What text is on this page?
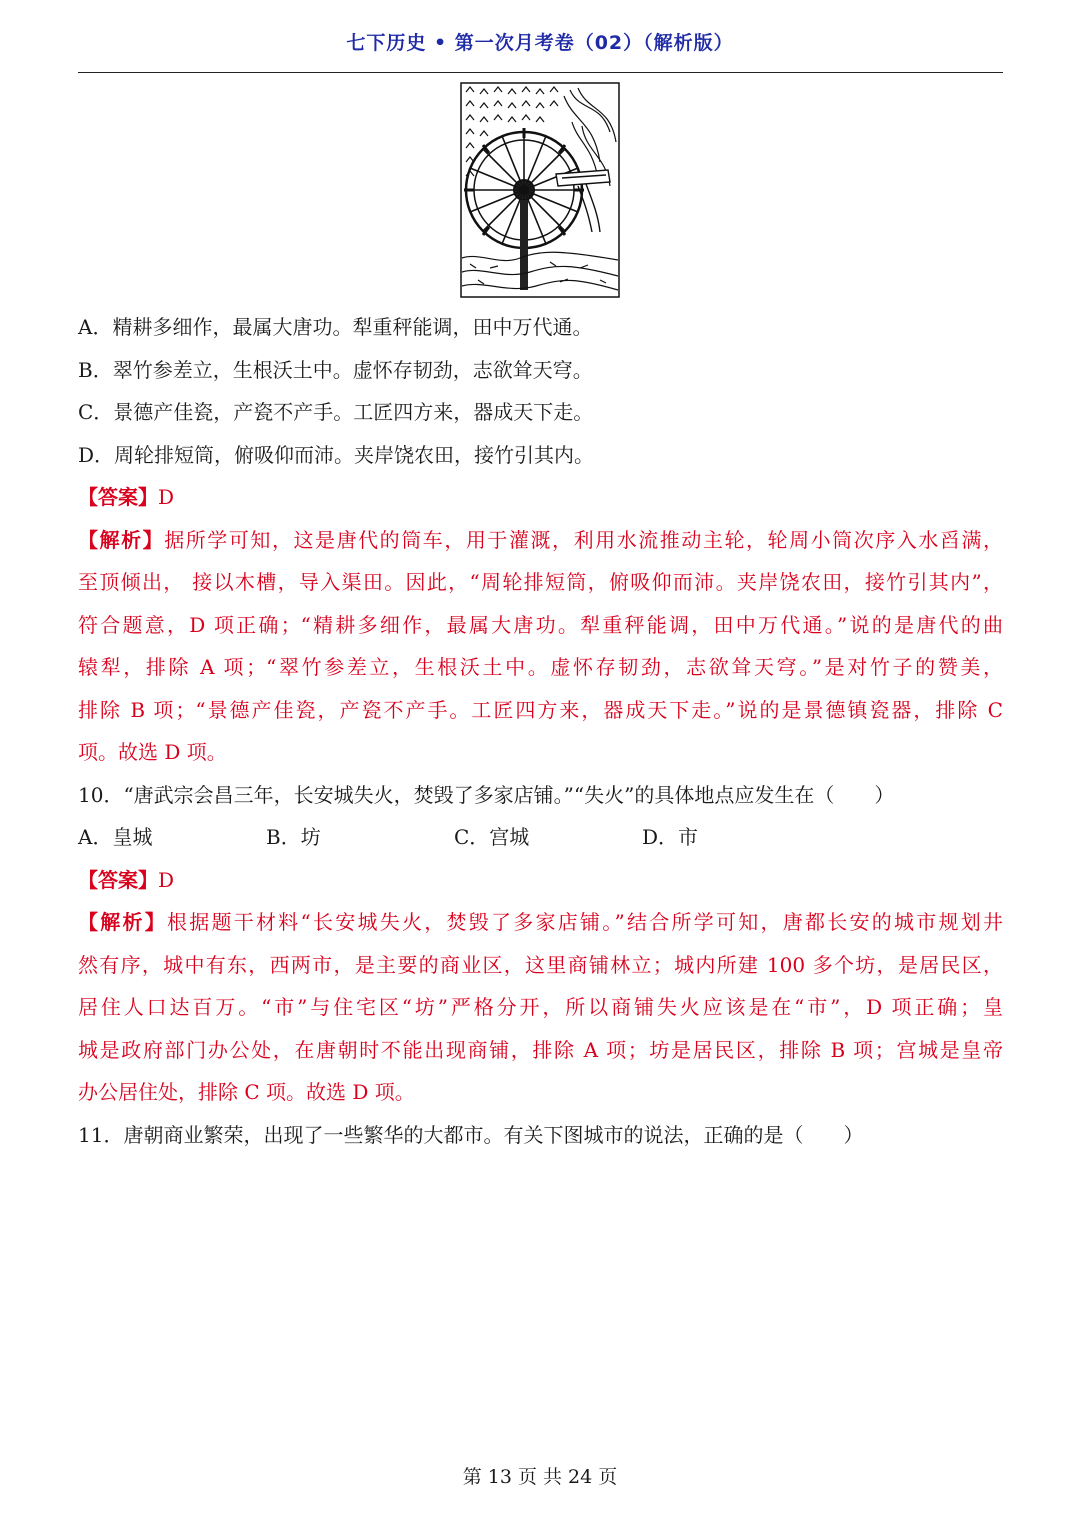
七下历史 • 第一次月考卷（02）（解析版）
A．精耕多细作，最属大唐功。犁重秤能调，田中万代通。
B．翠竹参差立，生根沃土中。虚怀存韧劲，志欲耸天穹。
C．景德产佳瓷，产瓷不产手。工匠四方来，器成天下走。
D．周轮排短筒，俯吸仰而沛。夹岸饶农田，接竹引其内。
【答案】D
【解析】据所学可知，这是唐代的筒车，用于灌溉，利用水流推动主轮，轮周小筒次序入水舀满，
至顶倾出， 接以木槽，导入渠田。因此，“周轮排短筒，俯吸仰而沛。夹岸饶农田，接竹引其内”，
符合题意，D 项正确；“精耕多细作，最属大唐功。犁重秤能调，田中万代通。”说的是唐代的曲
辕犁，排除 A 项；“翠竹参差立，生根沃土中。虚怀存韧劲，志欲耸天穹。”是对竹子的赞美，
排除 B 项；“景德产佳瓷，产瓷不产手。工匠四方来，器成天下走。”说的是景德镇瓷器，排除 C
项。故选 D 项。
10．“唐武宗会昌三年，长安城失火，焚毁了多家店铺。”“失火”的具体地点应发生在（　　）
A．皇城	B．坊	C．宫城	D．市
【答案】D
【解析】根据题干材料“长安城失火，焚毁了多家店铺。”结合所学可知，唐都长安的城市规划井
然有序，城中有东，西两市，是主要的商业区，这里商铺林立；城内所建 100 多个坊，是居民区，
居住人口达百万。“市”与住宅区“坊”严格分开，所以商铺失火应该是在“市”，D 项正确；皇
城是政府部门办公处，在唐朝时不能出现商铺，排除 A 项；坊是居民区，排除 B 项；宫城是皇帝
办公居住处，排除 C 项。故选 D 项。
11．唐朝商业繁荣，出现了一些繁华的大都市。有关下图城市的说法，正确的是（　　）
第 13 页 共 24 页
